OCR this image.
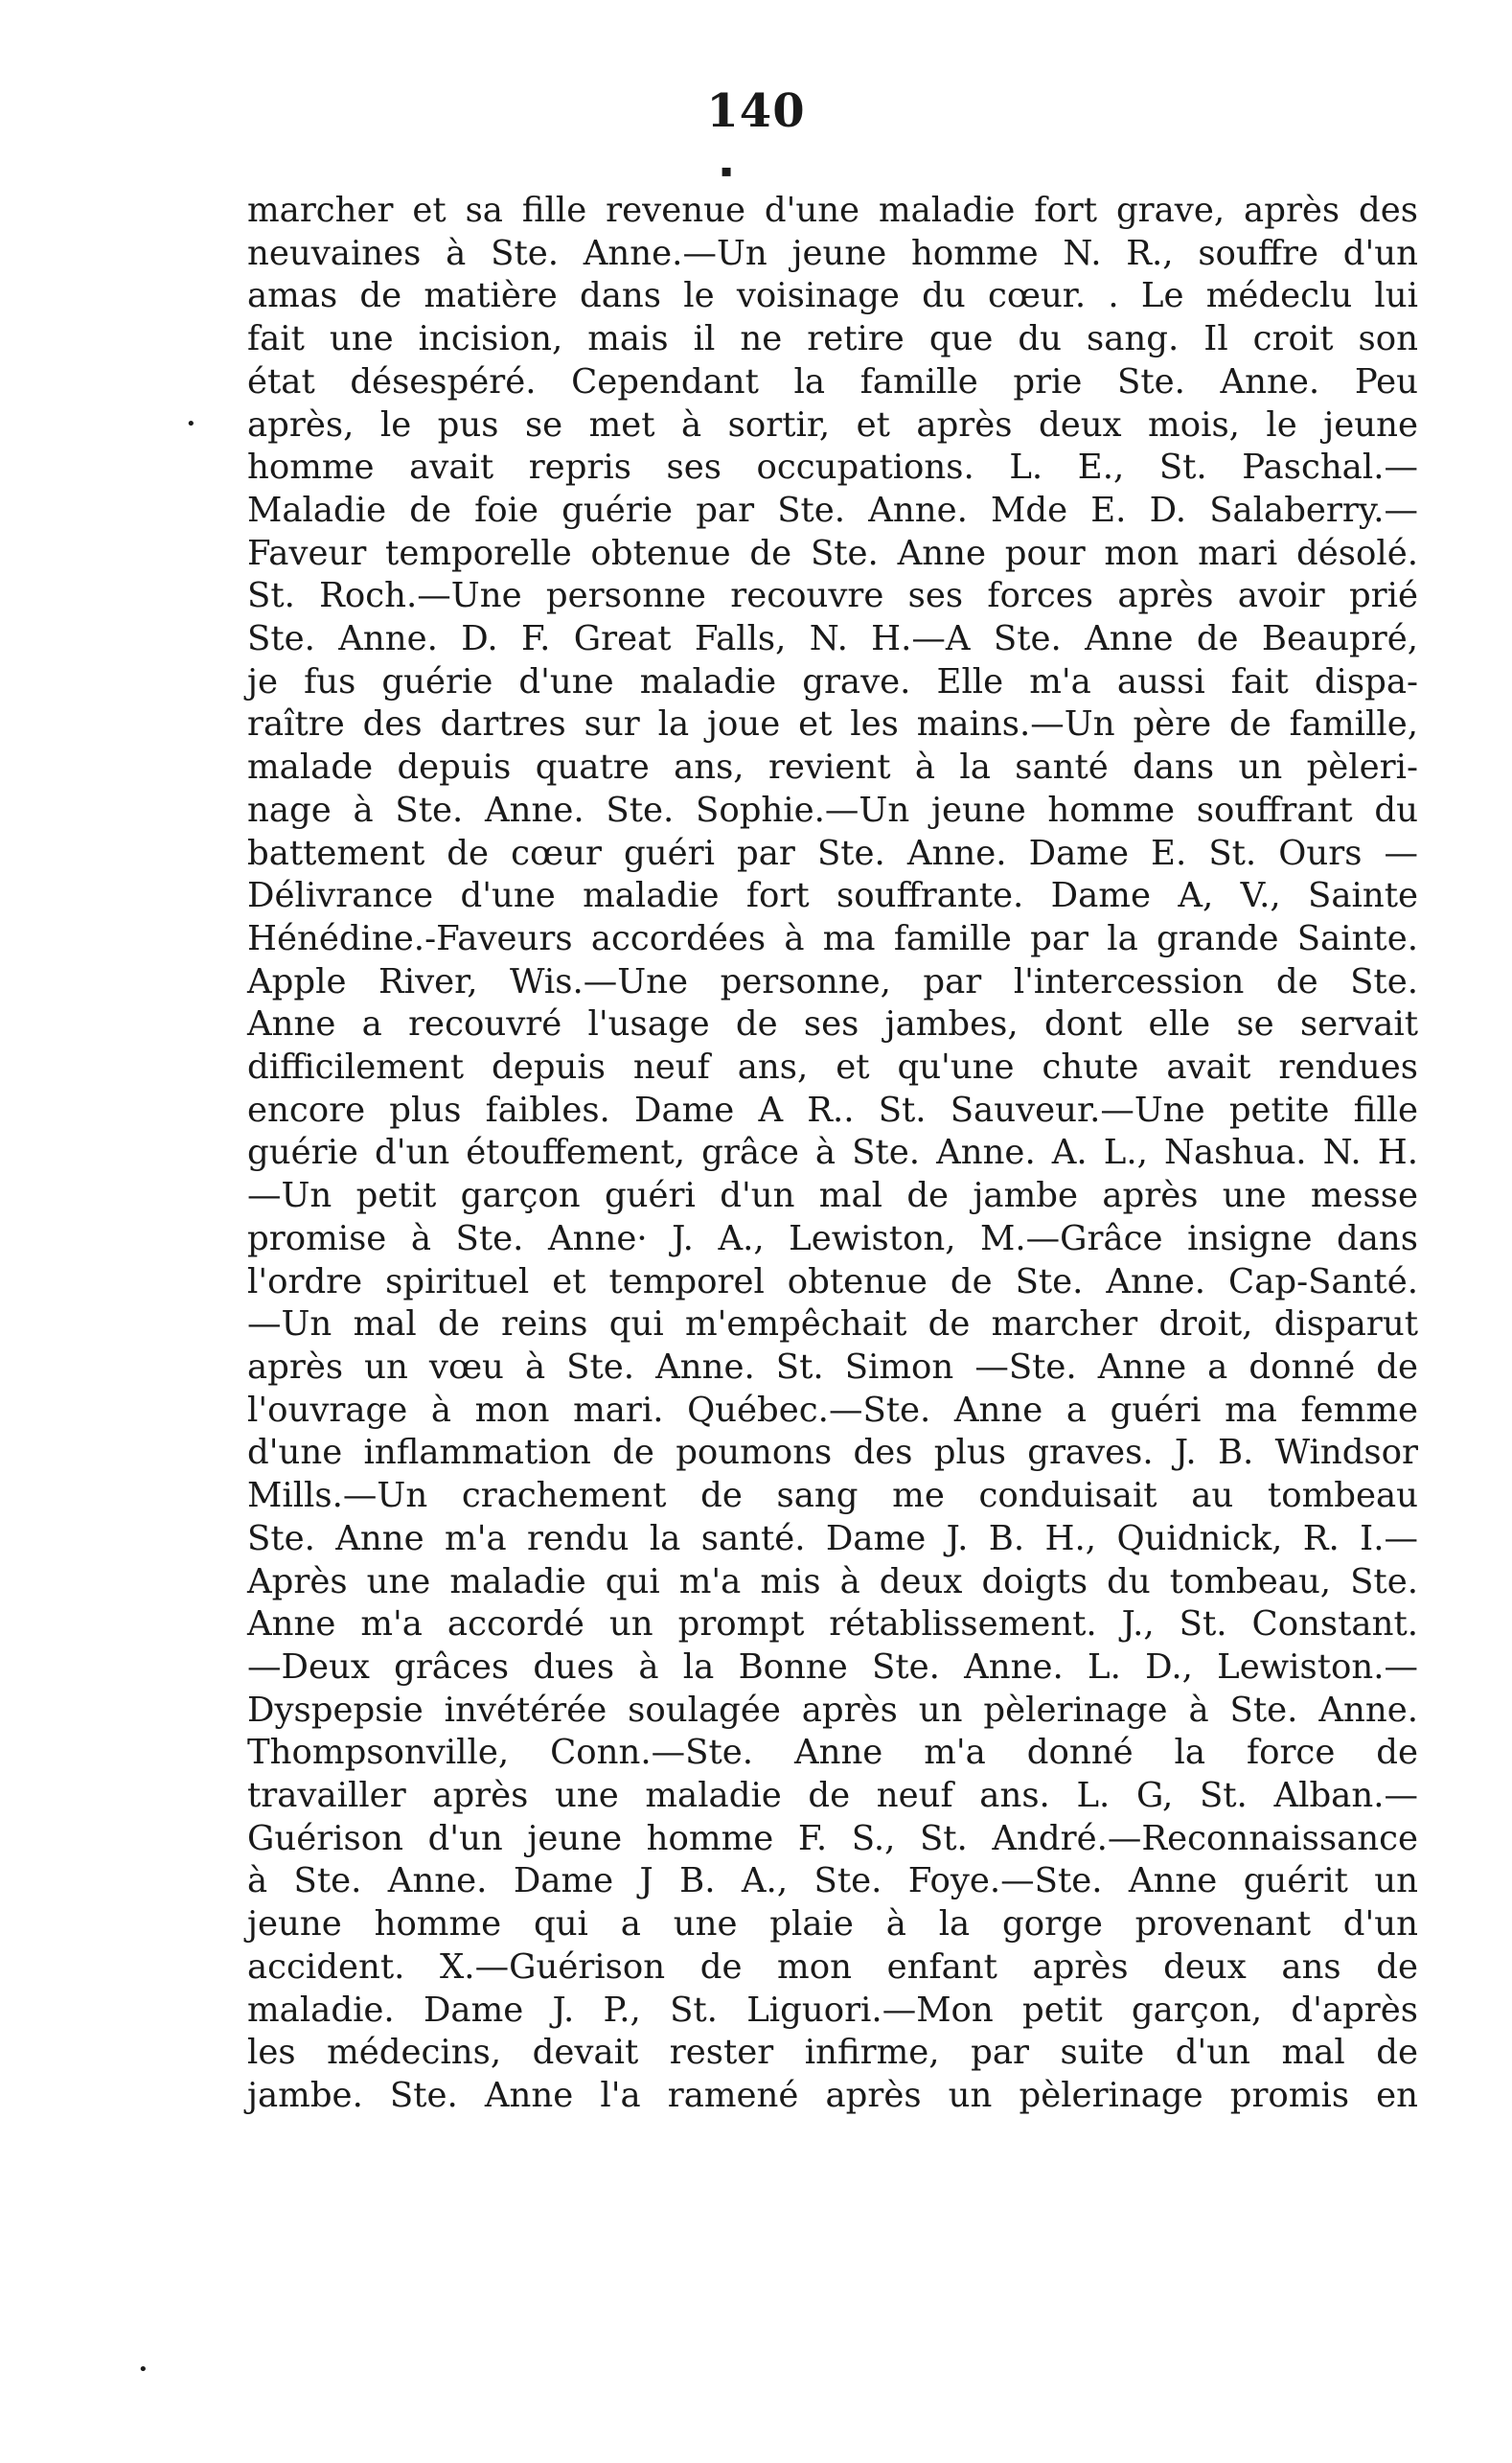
140
▪
•
•
marcher et sa fille revenue d'une maladie fort grave, après des
neuvaines à Ste. Anne.—Un jeune homme N. R., souffre d'un
amas de matière dans le voisinage du cœur. . Le médeclu lui
fait une incision, mais il ne retire que du sang. Il croit son
état désespéré. Cependant la famille prie Ste. Anne. Peu
après, le pus se met à sortir, et après deux mois, le jeune
homme avait repris ses occupations. L. E., St. Paschal.—
Maladie de foie guérie par Ste. Anne. Mde E. D. Salaberry.—
Faveur temporelle obtenue de Ste. Anne pour mon mari désolé.
St. Roch.—Une personne recouvre ses forces après avoir prié
Ste. Anne. D. F. Great Falls, N. H.—A Ste. Anne de Beaupré,
je fus guérie d'une maladie grave. Elle m'a aussi fait dispa-
raître des dartres sur la joue et les mains.—Un père de famille,
malade depuis quatre ans, revient à la santé dans un pèleri-
nage à Ste. Anne. Ste. Sophie.—Un jeune homme souffrant du
battement de cœur guéri par Ste. Anne. Dame E. St. Ours —
Délivrance d'une maladie fort souffrante. Dame A, V., Sainte
Hénédine.-Faveurs accordées à ma famille par la grande Sainte.
Apple River, Wis.—Une personne, par l'intercession de Ste.
Anne a recouvré l'usage de ses jambes, dont elle se servait
difficilement depuis neuf ans, et qu'une chute avait rendues
encore plus faibles. Dame A R.. St. Sauveur.—Une petite fille
guérie d'un étouffement, grâce à Ste. Anne. A. L., Nashua. N. H.
—Un petit garçon guéri d'un mal de jambe après une messe
promise à Ste. Anne· J. A., Lewiston, M.—Grâce insigne dans
l'ordre spirituel et temporel obtenue de Ste. Anne. Cap-Santé.
—Un mal de reins qui m'empêchait de marcher droit, disparut
après un vœu à Ste. Anne. St. Simon —Ste. Anne a donné de
l'ouvrage à mon mari. Québec.—Ste. Anne a guéri ma femme
d'une inflammation de poumons des plus graves. J. B. Windsor
Mills.—Un crachement de sang me conduisait au tombeau
Ste. Anne m'a rendu la santé. Dame J. B. H., Quidnick, R. I.—
Après une maladie qui m'a mis à deux doigts du tombeau, Ste.
Anne m'a accordé un prompt rétablissement. J., St. Constant.
—Deux grâces dues à la Bonne Ste. Anne. L. D., Lewiston.—
Dyspepsie invétérée soulagée après un pèlerinage à Ste. Anne.
Thompsonville, Conn.—Ste. Anne m'a donné la force de
travailler après une maladie de neuf ans. L. G, St. Alban.—
Guérison d'un jeune homme F. S., St. André.—Reconnaissance
à Ste. Anne. Dame J B. A., Ste. Foye.—Ste. Anne guérit un
jeune homme qui a une plaie à la gorge provenant d'un
accident. X.—Guérison de mon enfant après deux ans de
maladie. Dame J. P., St. Liguori.—Mon petit garçon, d'après
les médecins, devait rester infirme, par suite d'un mal de
jambe. Ste. Anne l'a ramené après un pèlerinage promis en
